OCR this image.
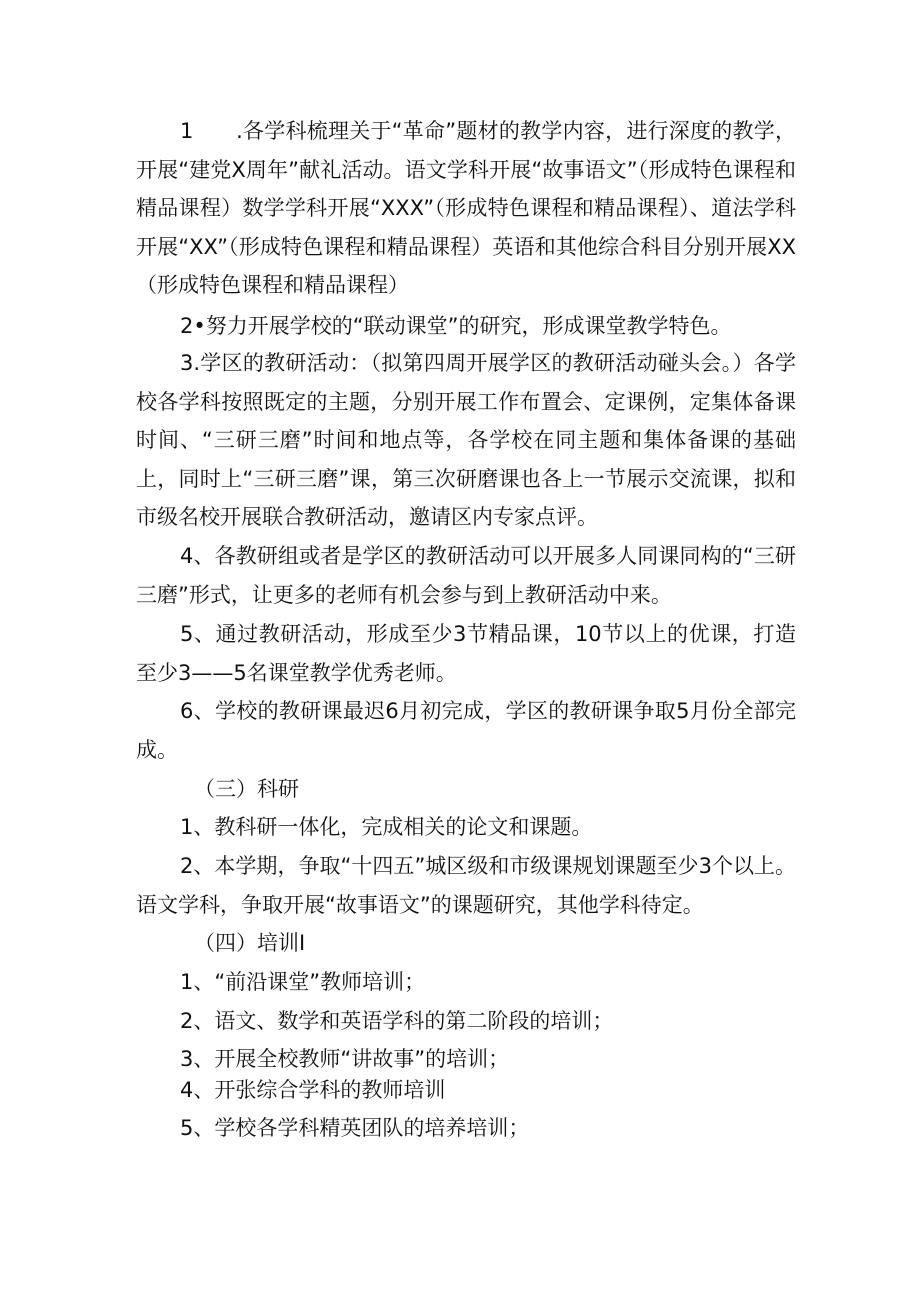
1　　.各学科梳理关于“革命”题材的教学内容，进行深度的教学，开展“建党X周年”献礼活动。语文学科开展“故事语文”（形成特色课程和精品课程）数学学科开展“XXX”（形成特色课程和精品课程）、道法学科开展“XX”（形成特色课程和精品课程）英语和其他综合科目分别开展XX（形成特色课程和精品课程）

2•努力开展学校的“联动课堂”的研究，形成课堂教学特色。

3.学区的教研活动：（拟第四周开展学区的教研活动碰头会。）各学校各学科按照既定的主题，分别开展工作布置会、定课例，定集体备课时间、“三研三磨”时间和地点等，各学校在同主题和集体备课的基础上，同时上“三研三磨”课，第三次研磨课也各上一节展示交流课，拟和市级名校开展联合教研活动，邀请区内专家点评。

4、各教研组或者是学区的教研活动可以开展多人同课同构的“三研三磨”形式，让更多的老师有机会参与到上教研活动中来。

5、通过教研活动，形成至少3节精品课，10节以上的优课，打造至少3——5名课堂教学优秀老师。

6、学校的教研课最迟6月初完成，学区的教研课争取5月份全部完成。

（三）科研

1、教科研一体化，完成相关的论文和课题。

2、本学期，争取“十四五”城区级和市级课规划课题至少3个以上。语文学科，争取开展“故事语文”的课题研究，其他学科待定。

（四）培训I

1、“前沿课堂”教师培训；

2、语文、数学和英语学科的第二阶段的培训；

3、开展全校教师“讲故事”的培训；

4、开张综合学科的教师培训

5、学校各学科精英团队的培养培训；
